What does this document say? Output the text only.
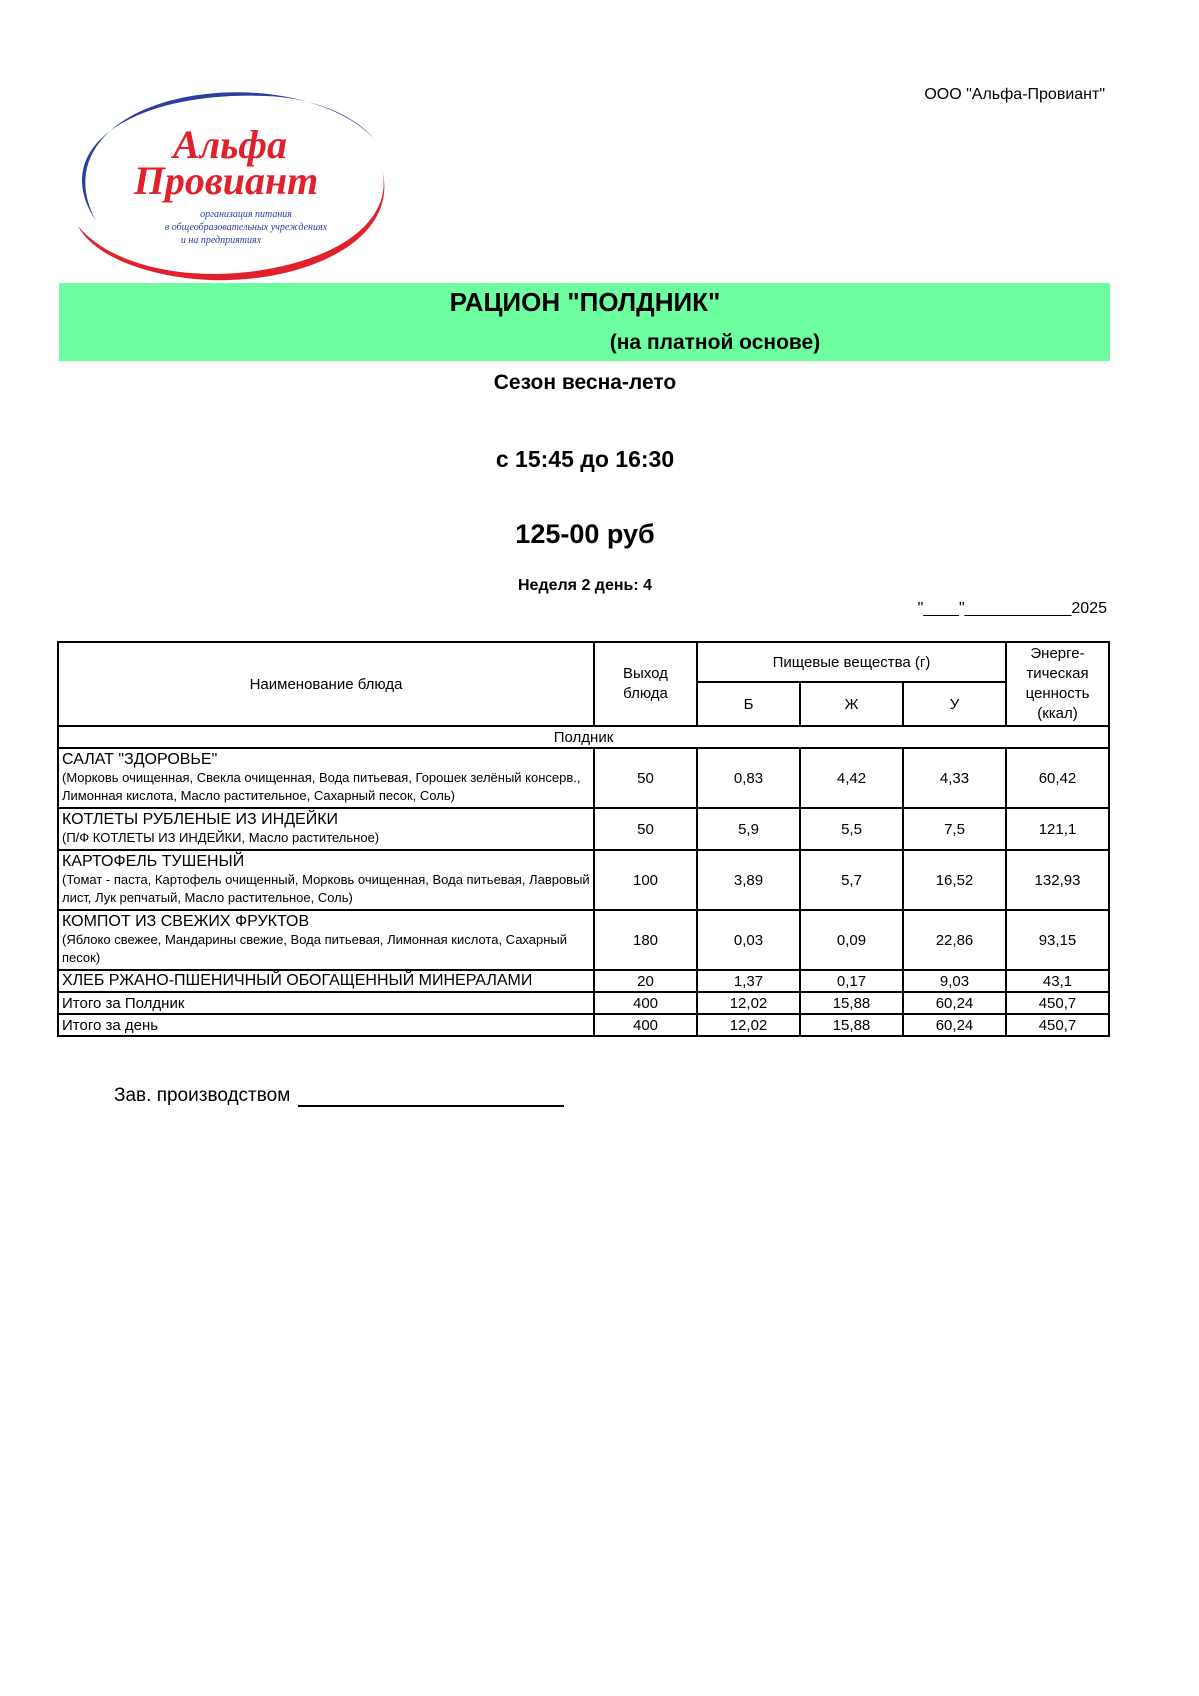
ООО "Альфа-Провиант"
Альфа
Провиант
организация питания
в общеобразовательных учреждениях
и на предприятиях
РАЦИОН "ПОЛДНИК"
(на платной основе)
Сезон весна-лето
с 15:45 до 16:30
125-00 руб
Неделя 2 день: 4
"____"____________2025
Наименование блюда	Выход блюда	Пищевые вещества (г)			Энерге-тическая ценность (ккал)

		Б	Ж	У	
Полдник					

САЛАТ "ЗДОРОВЬЕ"
(Морковь очищенная, Свекла очищенная, Вода питьевая, Горошек зелёный консерв., Лимонная кислота, Масло растительное, Сахарный песок, Соль)	50	0,83	4,42	4,33	60,42

КОТЛЕТЫ РУБЛЕНЫЕ ИЗ ИНДЕЙКИ
(П/Ф КОТЛЕТЫ ИЗ ИНДЕЙКИ, Масло растительное)	50	5,9	5,5	7,5	121,1

КАРТОФЕЛЬ ТУШЕНЫЙ
(Томат - паста, Картофель очищенный, Морковь очищенная, Вода питьевая, Лавровый лист, Лук репчатый, Масло растительное, Соль)	100	3,89	5,7	16,52	132,93

КОМПОТ ИЗ СВЕЖИХ ФРУКТОВ
(Яблоко свежее, Мандарины свежие, Вода питьевая, Лимонная кислота, Сахарный песок)	180	0,03	0,09	22,86	93,15
ХЛЕБ РЖАНО-ПШЕНИЧНЫЙ ОБОГАЩЕННЫЙ МИНЕРАЛАМИ	20	1,37	0,17	9,03	43,1
Итого за Полдник	400	12,02	15,88	60,24	450,7
Итого за день	400	12,02	15,88	60,24	450,7
Зав. производством
